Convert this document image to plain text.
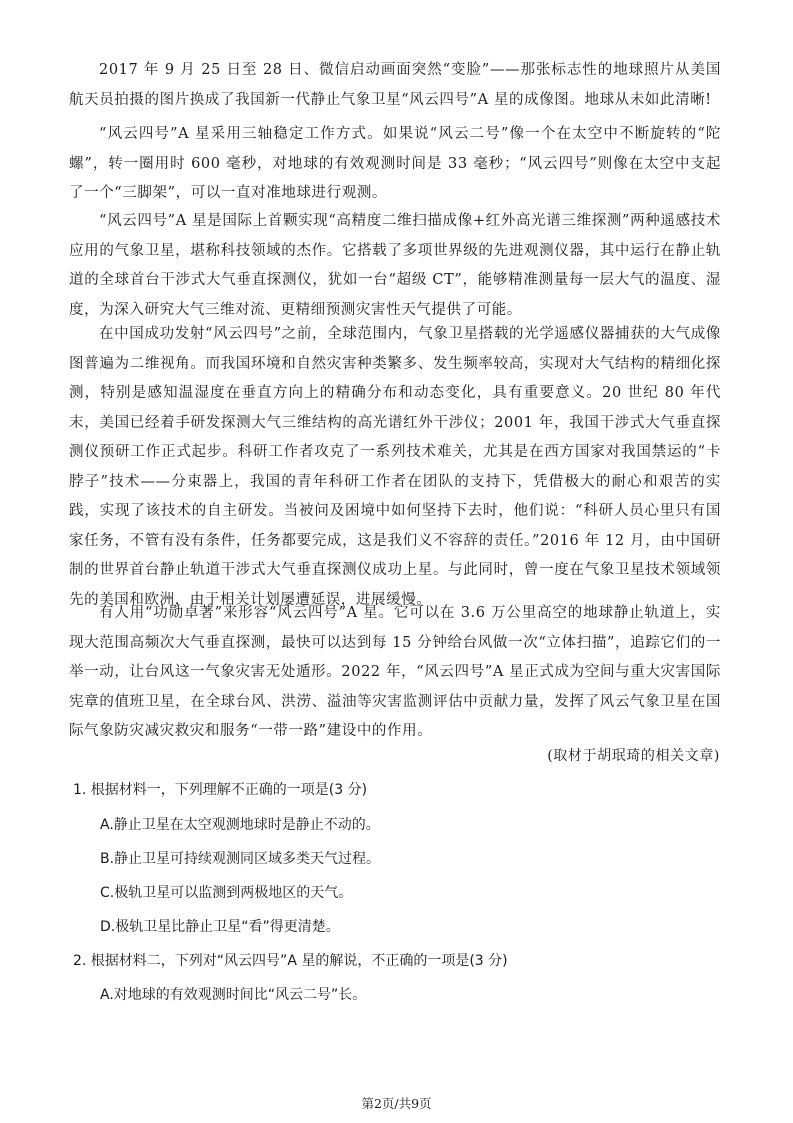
2017 年 9 月 25 日至 28 日、微信启动画面突然“变脸”——那张标志性的地球照片从美国航天员拍摄的图片换成了我国新一代静止气象卫星“风云四号”A 星的成像图。地球从未如此清晰!

“风云四号”A 星采用三轴稳定工作方式。如果说“风云二号”像一个在太空中不断旋转的“陀螺”，转一圈用时 600 毫秒，对地球的有效观测时间是 33 毫秒；“风云四号”则像在太空中支起了一个“三脚架”，可以一直对准地球进行观测。

“风云四号”A 星是国际上首颗实现“高精度二维扫描成像+红外高光谱三维探测”两种遥感技术应用的气象卫星，堪称科技领域的杰作。它搭载了多项世界级的先进观测仪器，其中运行在静止轨道的全球首台干涉式大气垂直探测仪，犹如一台“超级 CT”，能够精准测量每一层大气的温度、湿度，为深入研究大气三维对流、更精细预测灾害性天气提供了可能。

在中国成功发射“风云四号”之前，全球范围内，气象卫星搭载的光学遥感仪器捕获的大气成像图普遍为二维视角。而我国环境和自然灾害种类繁多、发生频率较高，实现对大气结构的精细化探测，特别是感知温湿度在垂直方向上的精确分布和动态变化，具有重要意义。20 世纪 80 年代末，美国已经着手研发探测大气三维结构的高光谱红外干涉仪；2001 年，我国干涉式大气垂直探测仪预研工作正式起步。科研工作者攻克了一系列技术难关，尤其是在西方国家对我国禁运的“卡脖子”技术——分束器上，我国的青年科研工作者在团队的支持下，凭借极大的耐心和艰苦的实践，实现了该技术的自主研发。当被问及困境中如何坚持下去时，他们说：“科研人员心里只有国家任务，不管有没有条件，任务都要完成，这是我们义不容辞的责任。”2016 年 12 月，由中国研制的世界首台静止轨道干涉式大气垂直探测仪成功上星。与此同时，曾一度在气象卫星技术领域领先的美国和欧洲，由于相关计划屡遭延误，进展缓慢。

有人用“功勋卓著”来形容“风云四号”A 星。它可以在 3.6 万公里高空的地球静止轨道上，实现大范围高频次大气垂直探测，最快可以达到每 15 分钟给台风做一次“立体扫描”，追踪它们的一举一动，让台风这一气象灾害无处遁形。2022 年，“风云四号”A 星正式成为空间与重大灾害国际宪章的值班卫星，在全球台风、洪涝、溢油等灾害监测评估中贡献力量，发挥了风云气象卫星在国际气象防灾减灾救灾和服务“一带一路”建设中的作用。

(取材于胡珉琦的相关文章)

1. 根据材料一，下列理解不正确的一项是(3 分)

A.静止卫星在太空观测地球时是静止不动的。

B.静止卫星可持续观测同区域多类天气过程。

C.极轨卫星可以监测到两极地区的天气。

D.极轨卫星比静止卫星“看”得更清楚。

2. 根据材料二，下列对“风云四号”A 星的解说，不正确的一项是(3 分)

A.对地球的有效观测时间比“风云二号”长。

第2页/共9页
